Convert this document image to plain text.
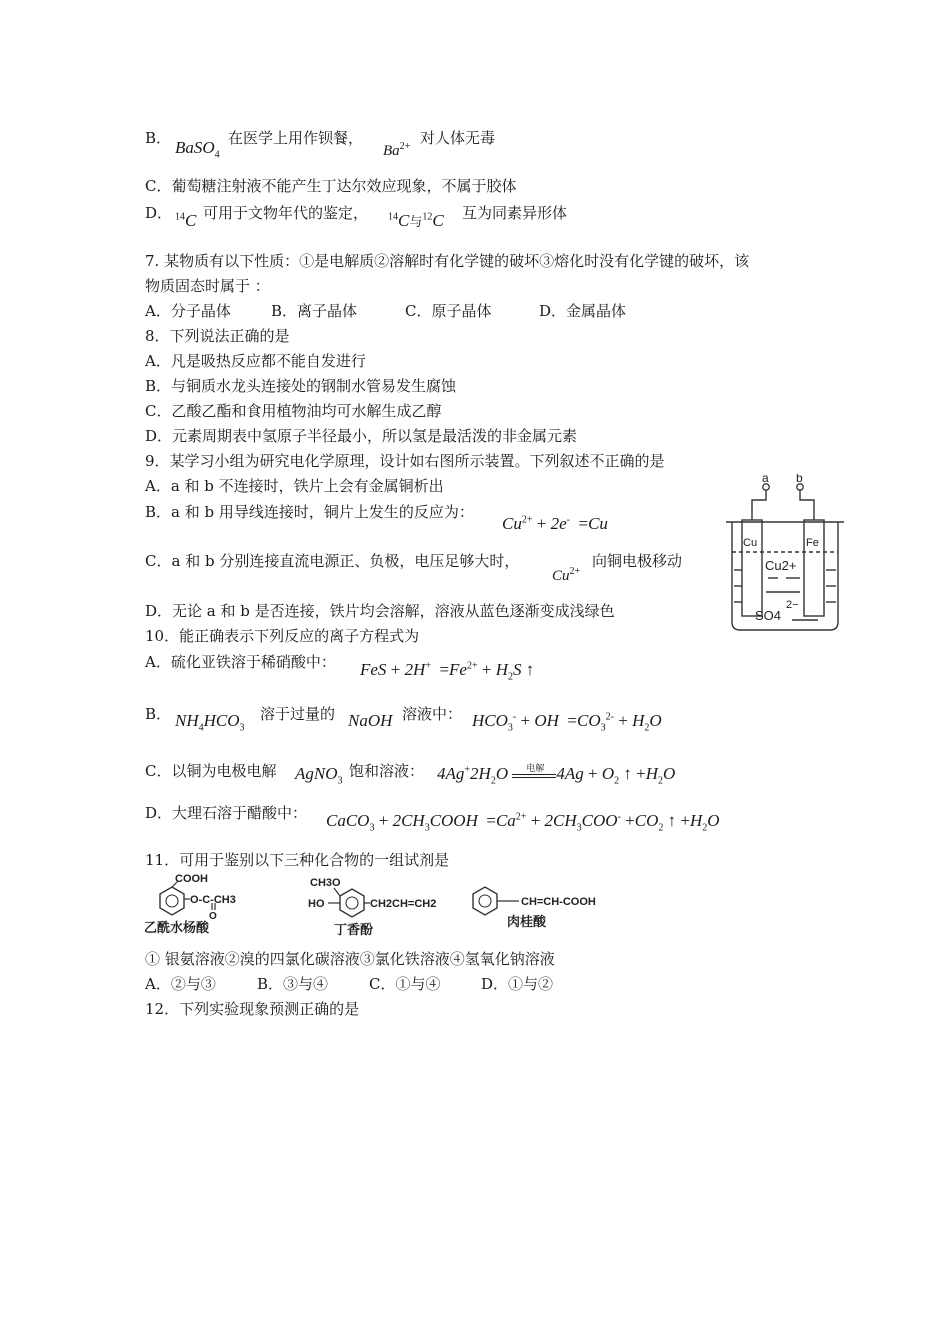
B． BaSO$_4$
在医学上用作钡餐，
$Ba^{2+}$ 对人体无毒
C．葡萄糖注射液不能产生丁达尔效应现象，不属于胶体
D． $^{14}$C 可用于文物年代的鉴定， $^{14}$C与$^{12}$C 互为同素异形体
7. 某物质有以下性质：①是电解质②溶解时有化学键的破坏③熔化时没有化学键的破坏，该
物质固态时属于 ：
A．分子晶体	B．离子晶体	C．原子晶体	D．金属晶体
8．下列说法正确的是
A．凡是吸热反应都不能自发进行
B．与铜质水龙头连接处的钢制水管易发生腐蚀
C．乙酸乙酯和食用植物油均可水解生成乙醇
D．元素周期表中氢原子半径最小，所以氢是最活泼的非金属元素
9．某学习小组为研究电化学原理，设计如右图所示装置。下列叙述不正确的是
A．a 和 b 不连接时，铁片上会有金属铜析出
B．a 和 b 用导线连接时，铜片上发生的反应为：
$Cu^{2+} + 2e^- =Cu$
C．a 和 b 分别连接直流电源正、负极，电压足够大时，
$Cu^{2+}$
向铜电极移动
D．无论 a 和 b 是否连接，铁片均会溶解，溶液从蓝色逐渐变成浅绿色
a b
Cu	Fe
Cu2+
SO4
2−
10．能正确表示下列反应的离子方程式为
A．硫化亚铁溶于稀硝酸中： FeS + $2H^+ =Fe^{2+} + H_2S$ ↑
B． $NH_4HCO_3$
溶于过量的 NaOH 溶液中： $HCO_3^-$ + OH  $=CO_3^{2-} + H_2O$
C．以铜为电极电解 AgNO$_3$
饱和溶液： $4Ag^+2H_2O$ 电解 $4Ag + O_2$ ↑ $+H_2O$
D．大理石溶于醋酸中： CaCO$_3$ + $2CH_3COOH =Ca^{2+} + 2CH_3COO^- +CO_2$ ↑ $+H_2O$
11．可用于鉴别以下三种化合物的一组试剂是
COOH
O-C-CH3
O
乙酰水杨酸
CH3O
HO	CH2CH=CH2
丁香酚
CH=CH-COOH
肉桂酸
① 银氨溶液②溴的四氯化碳溶液③氯化铁溶液④氢氧化钠溶液
A．②与③	B．③与④	C．①与④	D．①与②
12．下列实验现象预测正确的是
